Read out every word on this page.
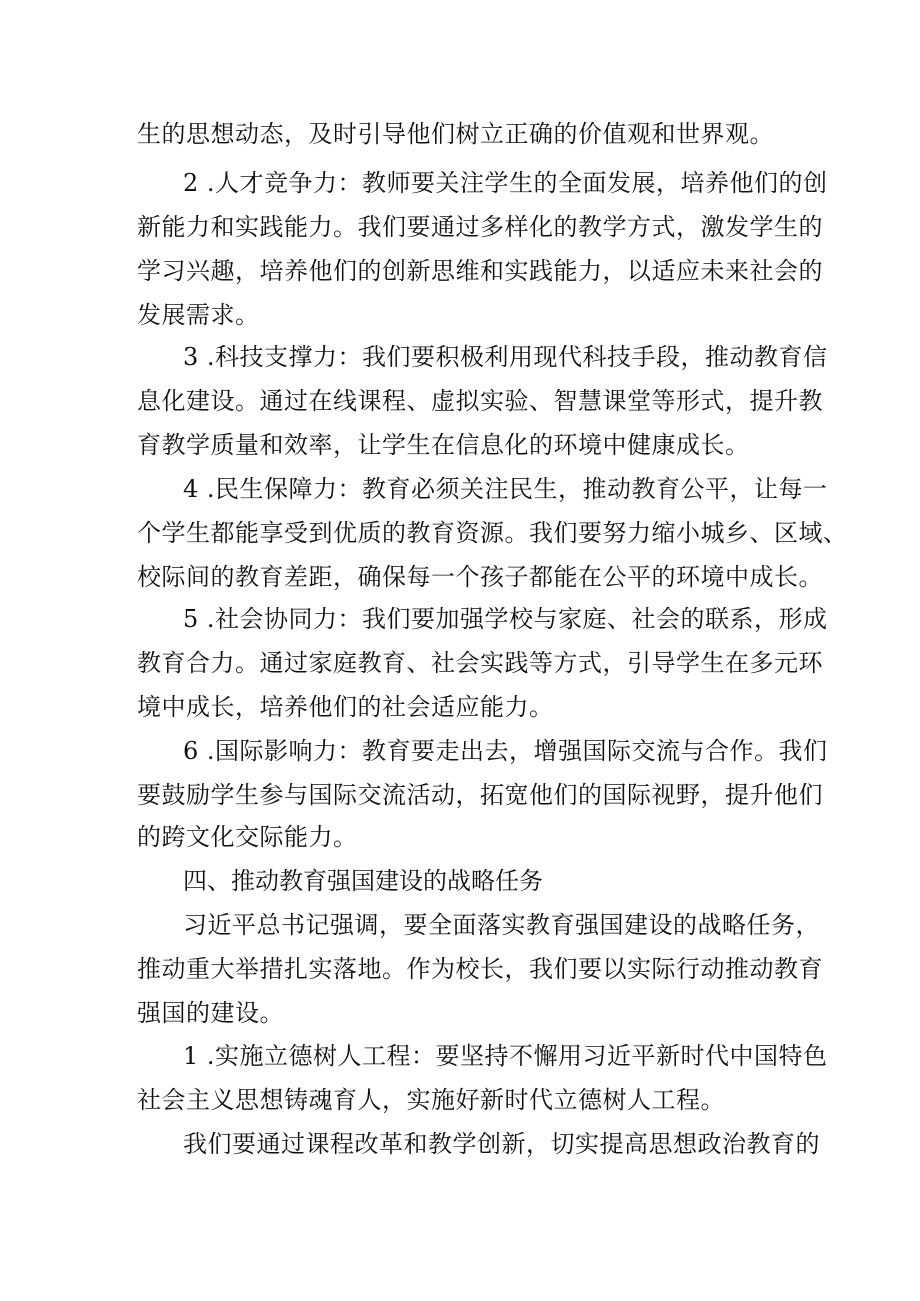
生的思想动态，及时引导他们树立正确的价值观和世界观。
2 .人才竞争力：教师要关注学生的全面发展，培养他们的创
新能力和实践能力。我们要通过多样化的教学方式，激发学生的
学习兴趣，培养他们的创新思维和实践能力，以适应未来社会的
发展需求。
3 .科技支撑力：我们要积极利用现代科技手段，推动教育信
息化建设。通过在线课程、虚拟实验、智慧课堂等形式，提升教
育教学质量和效率，让学生在信息化的环境中健康成长。
4 .民生保障力：教育必须关注民生，推动教育公平，让每一
个学生都能享受到优质的教育资源。我们要努力缩小城乡、区域、
校际间的教育差距，确保每一个孩子都能在公平的环境中成长。
5 .社会协同力：我们要加强学校与家庭、社会的联系，形成
教育合力。通过家庭教育、社会实践等方式，引导学生在多元环
境中成长，培养他们的社会适应能力。
6 .国际影响力：教育要走出去，增强国际交流与合作。我们
要鼓励学生参与国际交流活动，拓宽他们的国际视野，提升他们
的跨文化交际能力。
四、推动教育强国建设的战略任务
习近平总书记强调，要全面落实教育强国建设的战略任务，
推动重大举措扎实落地。作为校长，我们要以实际行动推动教育
强国的建设。
1 .实施立德树人工程：要坚持不懈用习近平新时代中国特色
社会主义思想铸魂育人，实施好新时代立德树人工程。
我们要通过课程改革和教学创新，切实提高思想政治教育的
